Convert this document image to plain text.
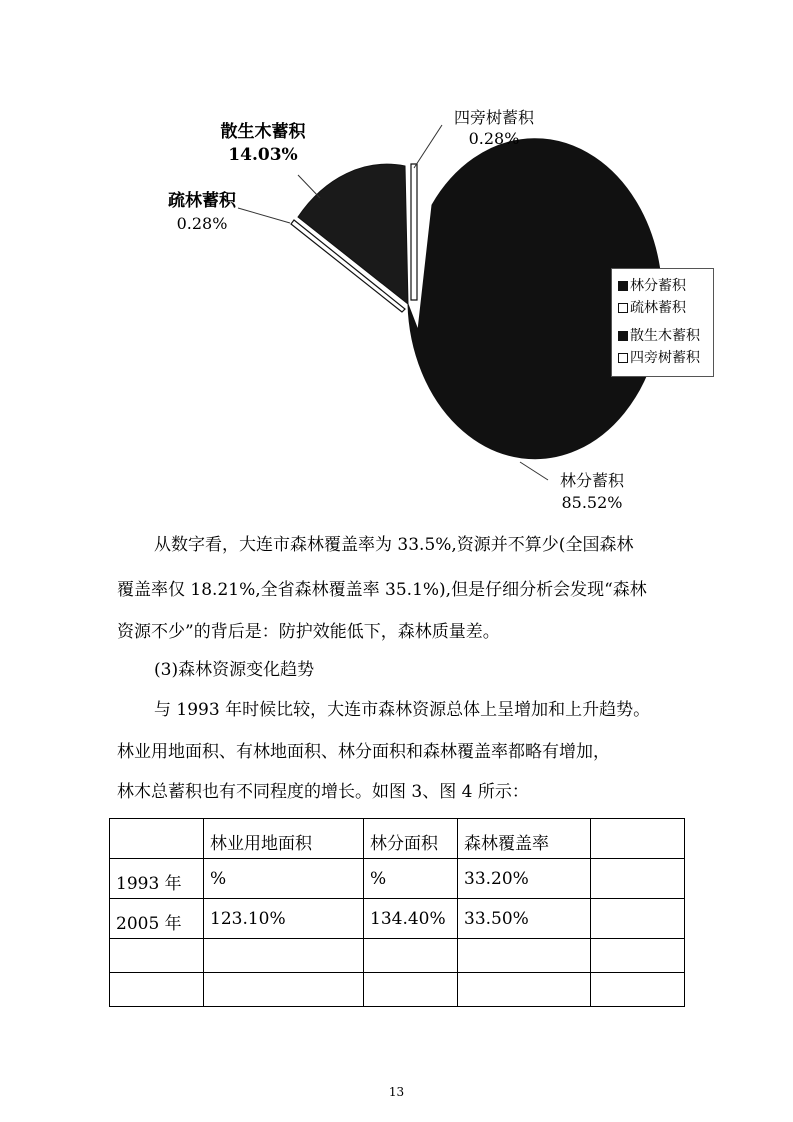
散生木蓄积
14.03%
疏林蓄积
0.28%
四旁树蓄积
0.28%
林分蓄积
85.52%
林分蓄积
疏林蓄积
散生木蓄积
四旁树蓄积

从数字看，大连市森林覆盖率为 33.5%,资源并不算少(全国森林

覆盖率仅 18.21%,全省森林覆盖率 35.1%),但是仔细分析会发现“森林

资源不少”的背后是：防护效能低下，森林质量差。

(3)森林资源变化趋势

与 1993 年时候比较，大连市森林资源总体上呈增加和上升趋势。

林业用地面积、有林地面积、林分面积和森林覆盖率都略有增加，

林木总蓄积也有不同程度的增长。如图 3、图 4 所示：

	林业用地面积	林分面积	森林覆盖率	

1993 年	%	%	33.20%	

2005 年	123.10%	134.40%	33.50%	

13
